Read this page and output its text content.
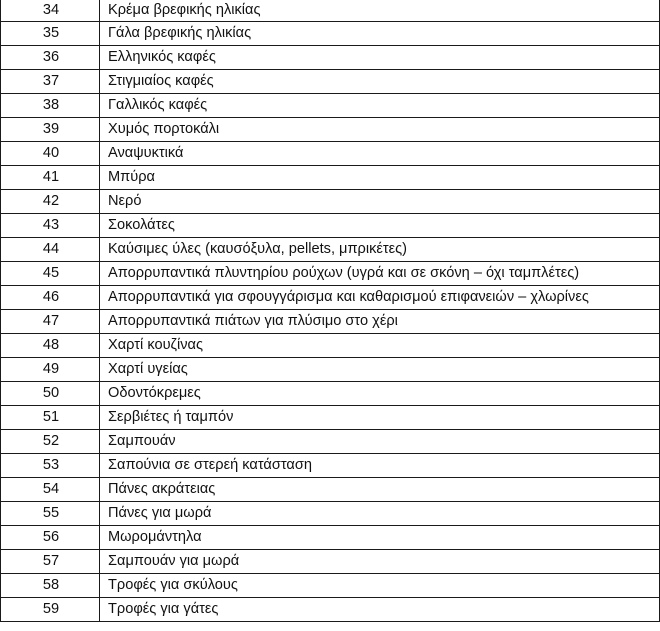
34	Κρέμα βρεφικής ηλικίας
35	Γάλα βρεφικής ηλικίας
36	Ελληνικός καφές
37	Στιγμιαίος καφές
38	Γαλλικός καφές
39	Χυμός πορτοκάλι
40	Αναψυκτικά
41	Μπύρα
42	Νερό
43	Σοκολάτες
44	Καύσιμες ύλες (καυσόξυλα, pellets, μπρικέτες)
45	Απορρυπαντικά πλυντηρίου ρούχων (υγρά και σε σκόνη – όχι ταμπλέτες)
46	Απορρυπαντικά για σφουγγάρισμα και καθαρισμού επιφανειών – χλωρίνες
47	Απορρυπαντικά πιάτων για πλύσιμο στο χέρι
48	Χαρτί κουζίνας
49	Χαρτί υγείας
50	Οδοντόκρεμες
51	Σερβιέτες ή ταμπόν
52	Σαμπουάν
53	Σαπούνια σε στερεή κατάσταση
54	Πάνες ακράτειας
55	Πάνες για μωρά
56	Μωρομάντηλα
57	Σαμπουάν για μωρά
58	Τροφές για σκύλους
59	Τροφές για γάτες
